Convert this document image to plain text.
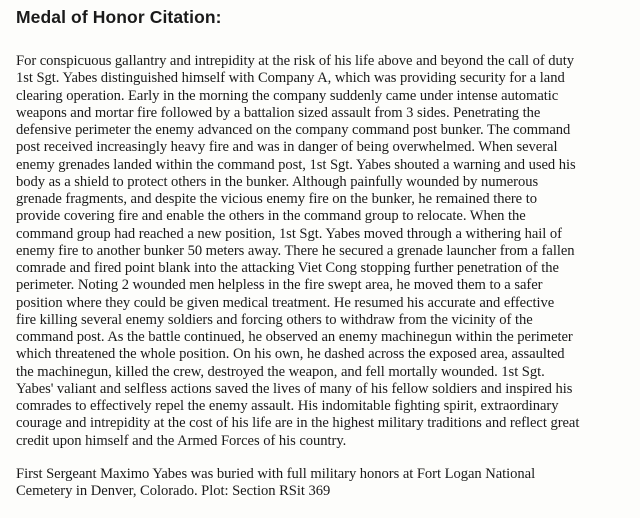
Medal of Honor Citation:

For conspicuous gallantry and intrepidity at the risk of his life above and beyond the call of duty
1st Sgt. Yabes distinguished himself with Company A, which was providing security for a land
clearing operation. Early in the morning the company suddenly came under intense automatic
weapons and mortar fire followed by a battalion sized assault from 3 sides. Penetrating the
defensive perimeter the enemy advanced on the company command post bunker. The command
post received increasingly heavy fire and was in danger of being overwhelmed. When several
enemy grenades landed within the command post, 1st Sgt. Yabes shouted a warning and used his
body as a shield to protect others in the bunker. Although painfully wounded by numerous
grenade fragments, and despite the vicious enemy fire on the bunker, he remained there to
provide covering fire and enable the others in the command group to relocate. When the
command group had reached a new position, 1st Sgt. Yabes moved through a withering hail of
enemy fire to another bunker 50 meters away. There he secured a grenade launcher from a fallen
comrade and fired point blank into the attacking Viet Cong stopping further penetration of the
perimeter. Noting 2 wounded men helpless in the fire swept area, he moved them to a safer
position where they could be given medical treatment. He resumed his accurate and effective
fire killing several enemy soldiers and forcing others to withdraw from the vicinity of the
command post. As the battle continued, he observed an enemy machinegun within the perimeter
which threatened the whole position. On his own, he dashed across the exposed area, assaulted
the machinegun, killed the crew, destroyed the weapon, and fell mortally wounded. 1st Sgt.
Yabes' valiant and selfless actions saved the lives of many of his fellow soldiers and inspired his
comrades to effectively repel the enemy assault. His indomitable fighting spirit, extraordinary
courage and intrepidity at the cost of his life are in the highest military traditions and reflect great
credit upon himself and the Armed Forces of his country.

First Sergeant Maximo Yabes was buried with full military honors at Fort Logan National
Cemetery in Denver, Colorado. Plot: Section RSit 369
